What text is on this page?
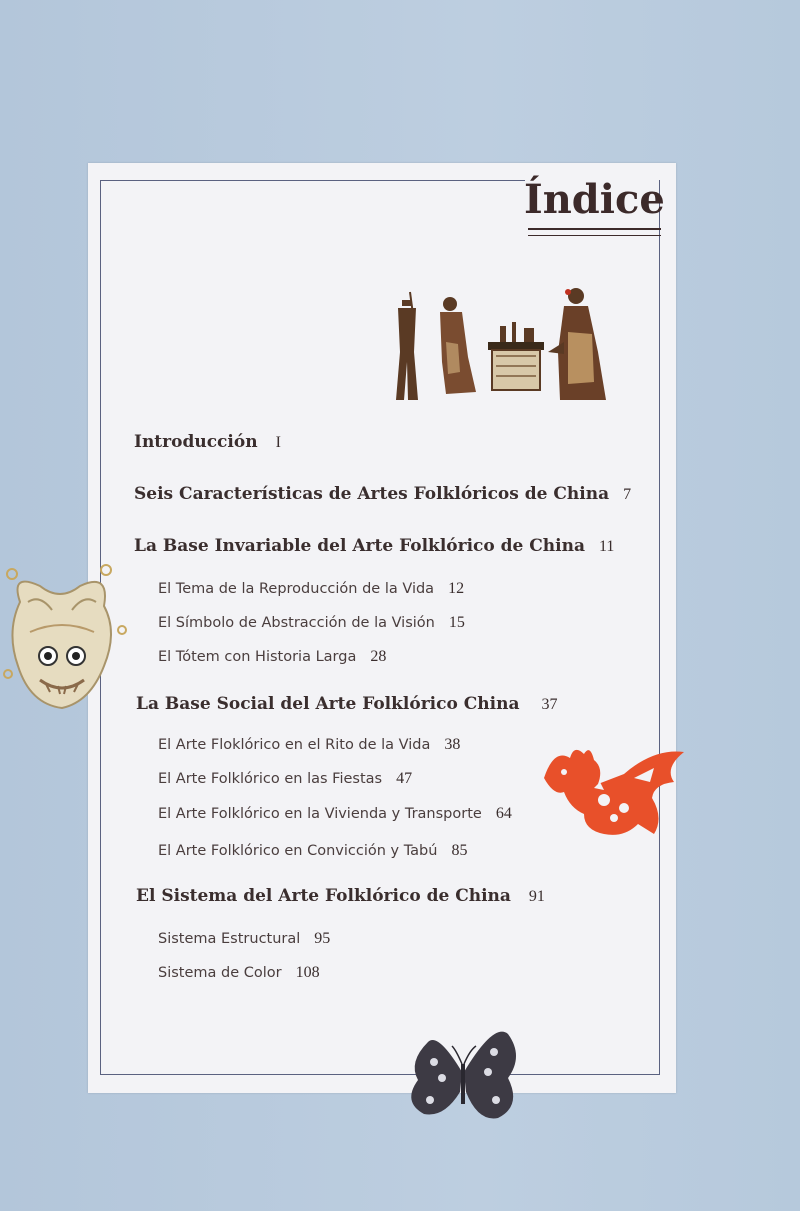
Índice
Introducción I
Seis Características de Artes Folklóricos de China 7
La Base Invariable del Arte Folklórico de China 11
El Tema de la Reproducción de la Vida 12
El Símbolo de Abstracción de la Visión 15
El Tótem con Historia Larga 28
La Base Social del Arte Folklórico China 37
El Arte Floklórico en el Rito de la Vida 38
El Arte Folklórico en las Fiestas 47
El Arte Folklórico en la Vivienda y Transporte 64
El Arte Folklórico en Convicción y Tabú 85
El Sistema del Arte Folklórico de China 91
Sistema Estructural 95
Sistema de Color 108
